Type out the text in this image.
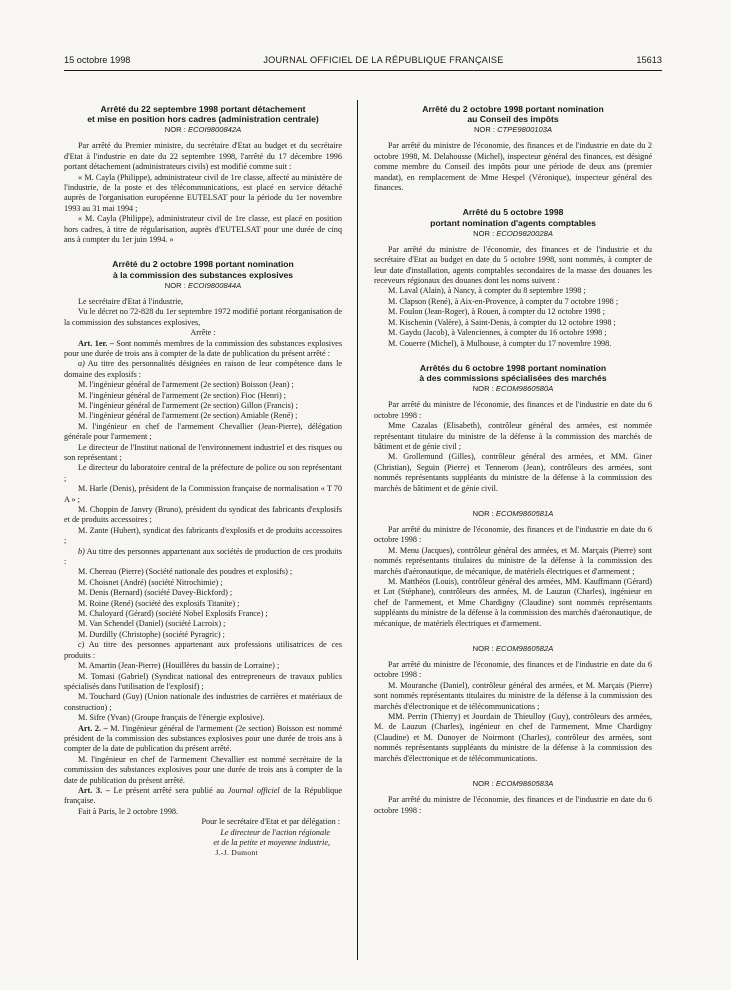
15 octobre 1998	JOURNAL OFFICIEL DE LA RÉPUBLIQUE FRANÇAISE	15613
Arrêté du 22 septembre 1998 portant détachement
et mise en position hors cadres (administration centrale)
NOR : ECOI9800842A

Par arrêté du Premier ministre, du secrétaire d'Etat au budget et du secrétaire d'Etat à l'industrie en date du 22 septembre 1998, l'arrêté du 17 décembre 1996 portant détachement (administrateurs civils) est modifié comme suit :

« M. Cayla (Philippe), administrateur civil de 1re classe, affecté au ministère de l'industrie, de la poste et des télécommunications, est placé en service détaché auprès de l'organisation européenne EUTELSAT pour la période du 1er novembre 1993 au 31 mai 1994 ;

« M. Cayla (Philippe), administrateur civil de 1re classe, est placé en position hors cadres, à titre de régularisation, auprès d'EUTELSAT pour une durée de cinq ans à compter du 1er juin 1994. »

Arrêté du 2 octobre 1998 portant nomination
à la commission des substances explosives
NOR : ECOI9800844A

Le secrétaire d'Etat à l'industrie,

Vu le décret no 72-828 du 1er septembre 1972 modifié portant réorganisation de la commission des substances explosives,

Arrête :

Art. 1er. – Sont nommés membres de la commission des substances explosives pour une durée de trois ans à compter de la date de publication du présent arrêté :

a) Au titre des personnalités désignées en raison de leur compétence dans le domaine des explosifs :

M. l'ingénieur général de l'armement (2e section) Boisson (Jean) ;

M. l'ingénieur général de l'armement (2e section) Fioc (Henri) ;

M. l'ingénieur général de l'armement (2e section) Gillon (Francis) ;

M. l'ingénieur général de l'armement (2e section) Amiable (René) ;

M. l'ingénieur en chef de l'armement Chevallier (Jean-Pierre), délégation générale pour l'armement ;

Le directeur de l'Institut national de l'environnement industriel et des risques ou son représentant ;

Le directeur du laboratoire central de la préfecture de police ou son représentant ;

M. Harle (Denis), président de la Commission française de normalisation « T 70 A » ;

M. Choppin de Janvry (Bruno), président du syndicat des fabricants d'explosifs et de produits accessoires ;

M. Zante (Hubert), syndicat des fabricants d'explosifs et de produits accessoires ;

b) Au titre des personnes appartenant aux sociétés de production de ces produits :

M. Chereau (Pierre) (Société nationale des poudres et explosifs) ;

M. Choisnet (André) (société Nitrochimie) ;

M. Denis (Bernard) (société Davey-Bickford) ;

M. Roine (René) (société des explosifs Titanite) ;

M. Chaloyard (Gérard) (société Nobel Explosifs France) ;

M. Van Schendel (Daniel) (société Lacroix) ;

M. Durdilly (Christophe) (société Pyragric) ;

c) Au titre des personnes appartenant aux professions utilisatrices de ces produits :

M. Amartin (Jean-Pierre) (Houillères du bassin de Lorraine) ;

M. Tomasi (Gabriel) (Syndicat national des entrepreneurs de travaux publics spécialisés dans l'utilisation de l'explosif) ;

M. Touchard (Guy) (Union nationale des industries de carrières et matériaux de construction) ;

M. Sifre (Yvan) (Groupe français de l'énergie explosive).

Art. 2. – M. l'ingénieur général de l'armement (2e section) Boisson est nommé président de la commission des substances explosives pour une durée de trois ans à compter de la date de publication du présent arrêté.

M. l'ingénieur en chef de l'armement Chevallier est nommé secrétaire de la commission des substances explosives pour une durée de trois ans à compter de la date de publication du présent arrêté.

Art. 3. – Le présent arrêté sera publié au Journal officiel de la République française.

Fait à Paris, le 2 octobre 1998.

Pour le secrétaire d'Etat et par délégation :

Le directeur de l'action régionale

et de la petite et moyenne industrie,

J.-J. Dumont

Arrêté du 2 octobre 1998 portant nomination
au Conseil des impôts
NOR : CTPE9800103A

Par arrêté du ministre de l'économie, des finances et de l'industrie en date du 2 octobre 1998, M. Delahousse (Michel), inspecteur général des finances, est désigné comme membre du Conseil des impôts pour une période de deux ans (premier mandat), en remplacement de Mme Hespel (Véronique), inspecteur général des finances.

Arrêté du 5 octobre 1998
portant nomination d'agents comptables
NOR : ECOD9820028A

Par arrêté du ministre de l'économie, des finances et de l'industrie et du secrétaire d'Etat au budget en date du 5 octobre 1998, sont nommés, à compter de leur date d'installation, agents comptables secondaires de la masse des douanes les receveurs régionaux des douanes dont les noms suivent :

M. Laval (Alain), à Nancy, à compter du 8 septembre 1998 ;

M. Clapson (René), à Aix-en-Provence, à compter du 7 octobre 1998 ;

M. Foulon (Jean-Roger), à Rouen, à compter du 12 octobre 1998 ;

M. Kischenin (Valère), à Saint-Denis, à compter du 12 octobre 1998 ;

M. Gaydu (Jacob), à Valenciennes, à compter du 16 octobre 1998 ;

M. Couerre (Michel), à Mulhouse, à compter du 17 novembre 1998.

Arrêtés du 6 octobre 1998 portant nomination
à des commissions spécialisées des marchés
NOR : ECOM9860580A

Par arrêté du ministre de l'économie, des finances et de l'industrie en date du 6 octobre 1998 :

Mme Cazalas (Elisabeth), contrôleur général des armées, est nommée représentant titulaire du ministre de la défense à la commission des marchés de bâtiment et de génie civil ;

M. Grollemund (Gilles), contrôleur général des armées, et MM. Giner (Christian), Seguin (Pierre) et Tennerom (Jean), contrôleurs des armées, sont nommés représentants suppléants du ministre de la défense à la commission des marchés de bâtiment et de génie civil.

NOR : ECOM9860581A

Par arrêté du ministre de l'économie, des finances et de l'industrie en date du 6 octobre 1998 :

M. Menu (Jacques), contrôleur général des armées, et M. Marçais (Pierre) sont nommés représentants titulaires du ministre de la défense à la commission des marchés d'aéronautique, de mécanique, de matériels électriques et d'armement ;

M. Matthéos (Louis), contrôleur général des armées, MM. Kauffmann (Gérard) et Lot (Stéphane), contrôleurs des armées, M. de Lauzun (Charles), ingénieur en chef de l'armement, et Mme Chardigny (Claudine) sont nommés représentants suppléants du ministre de la défense à la commission des marchés d'aéronautique, de mécanique, de matériels électriques et d'armement.

NOR : ECOM9860582A

Par arrêté du ministre de l'économie, des finances et de l'industrie en date du 6 octobre 1998 :

M. Mouranche (Daniel), contrôleur général des armées, et M. Marçais (Pierre) sont nommés représentants titulaires du ministre de la défense à la commission des marchés d'électronique et de télécommunications ;

MM. Perrin (Thierry) et Jourdain de Thieulloy (Guy), contrôleurs des armées, M. de Lauzun (Charles), ingénieur en chef de l'armement, Mme Chardigny (Claudine) et M. Dunoyer de Noirmont (Charles), contrôleur des armées, sont nommés représentants suppléants du ministre de la défense à la commission des marchés d'électronique et de télécommunications.

NOR : ECOM9860583A

Par arrêté du ministre de l'économie, des finances et de l'industrie en date du 6 octobre 1998 :
